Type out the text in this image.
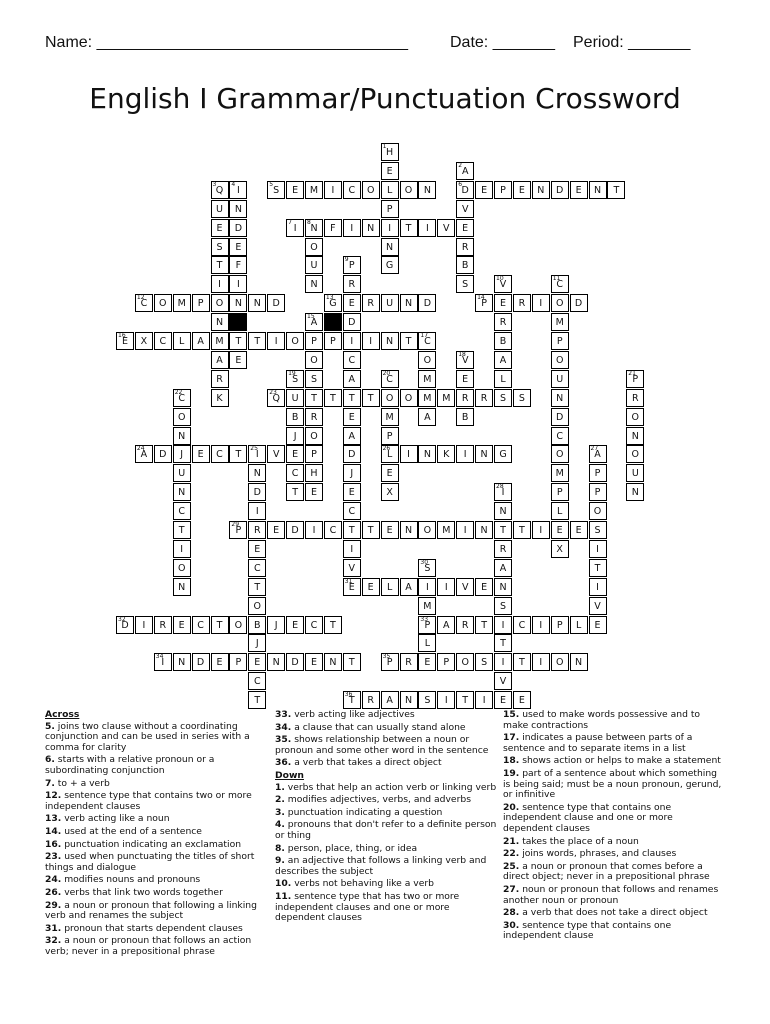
Name: ___________________________________	Date: _______ Period: _______
English I Grammar/Punctuation Crossword
H
1
E
L
P
I
N
G
A
2
D
6
V
E
R
B
S
Q
3
U
E
S
T
I
O
N
M
A
R
K
I
4
N
D
E
F
I
N
T
E
S
5
E	M	I	C	O	O	N	E	P	E	N	D	E	N	T
I
7
N
8
F	I	N	T	I	V
O
U
N
P
9
R
E
D
I
C
A
T
E
A
D
J
E
C
T
I
V
E
31
V
10
E
R
B
A
L
S
C
11
O
M
P
O
U
N
D
C
O
M
P
L
E
X
C
12
O	M	P	N	D	G
13
R	U	N	D	P
14
R	I	D
A
15
P
O
S
T
R
O
P
H
E
E
16
X	C	L	A	T	I	O	P	I	N	T	C
17
O
M
M
A
V
18
E
R
B
S
19
U
B
J
E
C
T
C
20
O
M
P
L
26
E
X
P
21
R
O
N
O
U
N
C
22
O
N
J
U
N
C
T
I
O
N
Q
23
T	T	O	M	R	S
A
24
D	E	C	T	I
25
V
N
D
I
R
E
C
T
O
B
J
E
C
T
I	N	K	I	N	G	A
27
P
P
O
S
I
T
I
V
E
I
28
N
T
R
A
N
S
I
T
I
V
E
P
29
E	D	I	C	T	E	N	O	M	I	N	T	I	E
S
30
I
M
P
33
L
E
E	L	A	I	V	E
D
32
I	R	E	C	T	O	J	E	C	T	A	R	T	C	I	P	L
I
34
N	D	E	P	N	D	E	N	T	P
35
R	P	O	S	T	I	O	N
T
36
R	A	N	S	I	T	I	E
Across
5. joins two clause without a coordinating conjunction and can be used in series with a comma for clarity
6. starts with a relative pronoun or a subordinating conjunction
7. to + a verb
12. sentence type that contains two or more independent clauses
13. verb acting like a noun
14. used at the end of a sentence
16. punctuation indicating an exclamation
23. used when punctuating the titles of short things and dialogue
24. modifies nouns and pronouns
26. verbs that link two words together
29. a noun or pronoun that following a linking verb and renames the subject
31. pronoun that starts dependent clauses
32. a noun or pronoun that follows an action verb; never in a prepositional phrase
33. verb acting like adjectives
34. a clause that can usually stand alone
35. shows relationship between a noun or pronoun and some other word in the sentence
36. a verb that takes a direct object
Down
1. verbs that help an action verb or linking verb
2. modifies adjectives, verbs, and adverbs
3. punctuation indicating a question
4. pronouns that don't refer to a definite person or thing
8. person, place, thing, or idea
9. an adjective that follows a linking verb and describes the subject
10. verbs not behaving like a verb
11. sentence type that has two or more independent clauses and one or more dependent clauses
15. used to make words possessive and to make contractions
17. indicates a pause between parts of a sentence and to separate items in a list
18. shows action or helps to make a statement
19. part of a sentence about which something is being said; must be a noun pronoun, gerund, or infinitive
20. sentence type that contains one independent clause and one or more dependent clauses
21. takes the place of a noun
22. joins words, phrases, and clauses
25. a noun or pronoun that comes before a direct object; never in a prepositional phrase
27. noun or pronoun that follows and renames another noun or pronoun
28. a verb that does not take a direct object
30. sentence type that contains one independent clause
